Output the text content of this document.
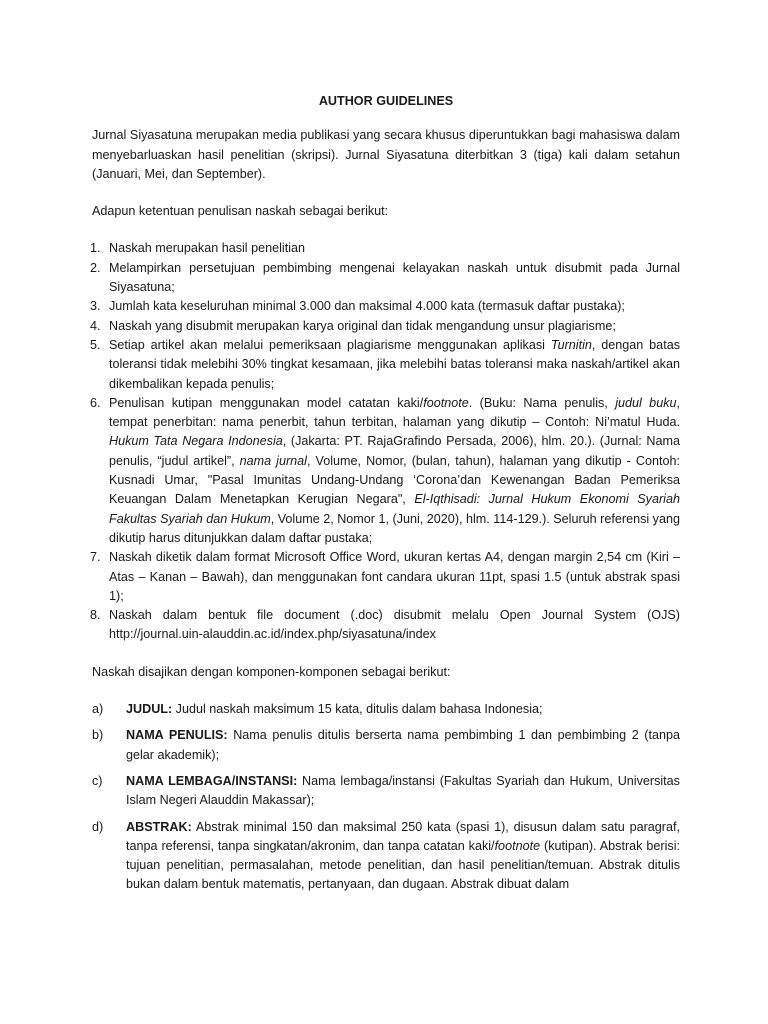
AUTHOR GUIDELINES

Jurnal Siyasatuna merupakan media publikasi yang secara khusus diperuntukkan bagi mahasiswa dalam menyebarluaskan hasil penelitian (skripsi). Jurnal Siyasatuna diterbitkan 3 (tiga) kali dalam setahun (Januari, Mei, dan September).

Adapun ketentuan penulisan naskah sebagai berikut:

1. Naskah merupakan hasil penelitian
2. Melampirkan persetujuan pembimbing mengenai kelayakan naskah untuk disubmit pada Jurnal Siyasatuna;
3. Jumlah kata keseluruhan minimal 3.000 dan maksimal 4.000 kata (termasuk daftar pustaka);
4. Naskah yang disubmit merupakan karya original dan tidak mengandung unsur plagiarisme;
5. Setiap artikel akan melalui pemeriksaan plagiarisme menggunakan aplikasi Turnitin, dengan batas toleransi tidak melebihi 30% tingkat kesamaan, jika melebihi batas toleransi maka naskah/artikel akan dikembalikan kepada penulis;
6. Penulisan kutipan menggunakan model catatan kaki/footnote. (Buku: Nama penulis, judul buku, tempat penerbitan: nama penerbit, tahun terbitan, halaman yang dikutip – Contoh: Ni’matul Huda. Hukum Tata Negara Indonesia, (Jakarta: PT. RajaGrafindo Persada, 2006), hlm. 20.). (Jurnal: Nama penulis, “judul artikel”, nama jurnal, Volume, Nomor, (bulan, tahun), halaman yang dikutip - Contoh: Kusnadi Umar, "Pasal Imunitas Undang-Undang ‘Corona’dan Kewenangan Badan Pemeriksa Keuangan Dalam Menetapkan Kerugian Negara", El-Iqthisadi: Jurnal Hukum Ekonomi Syariah Fakultas Syariah dan Hukum, Volume 2, Nomor 1, (Juni, 2020), hlm. 114-129.). Seluruh referensi yang dikutip harus ditunjukkan dalam daftar pustaka;
7. Naskah diketik dalam format Microsoft Office Word, ukuran kertas A4, dengan margin 2,54 cm (Kiri – Atas – Kanan – Bawah), dan menggunakan font candara ukuran 11pt, spasi 1.5 (untuk abstrak spasi 1);
8. Naskah dalam bentuk file document (.doc) disubmit melalu Open Journal System (OJS) http://journal.uin-alauddin.ac.id/index.php/siyasatuna/index

Naskah disajikan dengan komponen-komponen sebagai berikut:

a) JUDUL: Judul naskah maksimum 15 kata, ditulis dalam bahasa Indonesia;
b) NAMA PENULIS: Nama penulis ditulis berserta nama pembimbing 1 dan pembimbing 2 (tanpa gelar akademik);
c) NAMA LEMBAGA/INSTANSI: Nama lembaga/instansi (Fakultas Syariah dan Hukum, Universitas Islam Negeri Alauddin Makassar);
d) ABSTRAK: Abstrak minimal 150 dan maksimal 250 kata (spasi 1), disusun dalam satu paragraf, tanpa referensi, tanpa singkatan/akronim, dan tanpa catatan kaki/footnote (kutipan). Abstrak berisi: tujuan penelitian, permasalahan, metode penelitian, dan hasil penelitian/temuan. Abstrak ditulis bukan dalam bentuk matematis, pertanyaan, dan dugaan. Abstrak dibuat dalam
